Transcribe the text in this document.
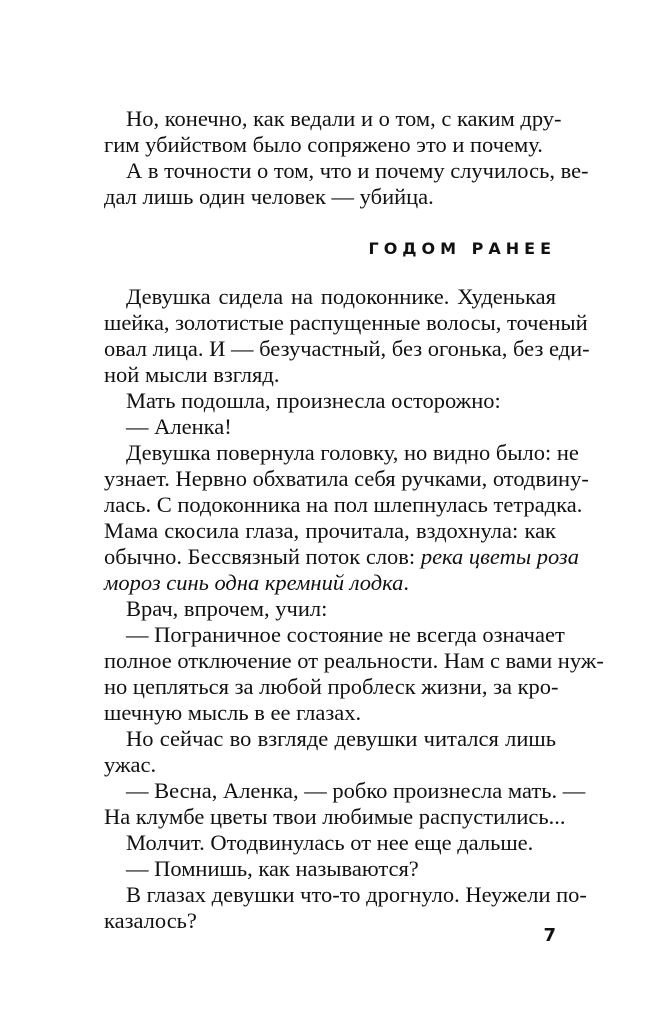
Но, конечно, как ведали и о том, с каким дру-
гим убийством было сопряжено это и почему.
А в точности о том, что и почему случилось, ве-
дал лишь один человек — убийца.
ГОДОМ РАНЕЕ
Девушка сидела на подоконнике. Худенькая
шейка, золотистые распущенные волосы, точеный
овал лица. И — безучастный, без огонька, без еди-
ной мысли взгляд.
Мать подошла, произнесла осторожно:
— Аленка!
Девушка повернула головку, но видно было: не
узнает. Нервно обхватила себя ручками, отодвину-
лась. С подоконника на пол шлепнулась тетрадка.
Мама скосила глаза, прочитала, вздохнула: как
обычно. Бессвязный поток слов: река цветы роза
мороз синь одна кремний лодка.
Врач, впрочем, учил:
— Пограничное состояние не всегда означает
полное отключение от реальности. Нам с вами нуж-
но цепляться за любой проблеск жизни, за кро-
шечную мысль в ее глазах.
Но сейчас во взгляде девушки читался лишь
ужас.
— Весна, Аленка, — робко произнесла мать. —
На клумбе цветы твои любимые распустились...
Молчит. Отодвинулась от нее еще дальше.
— Помнишь, как называются?
В глазах девушки что-то дрогнуло. Неужели по-
казалось?
7
